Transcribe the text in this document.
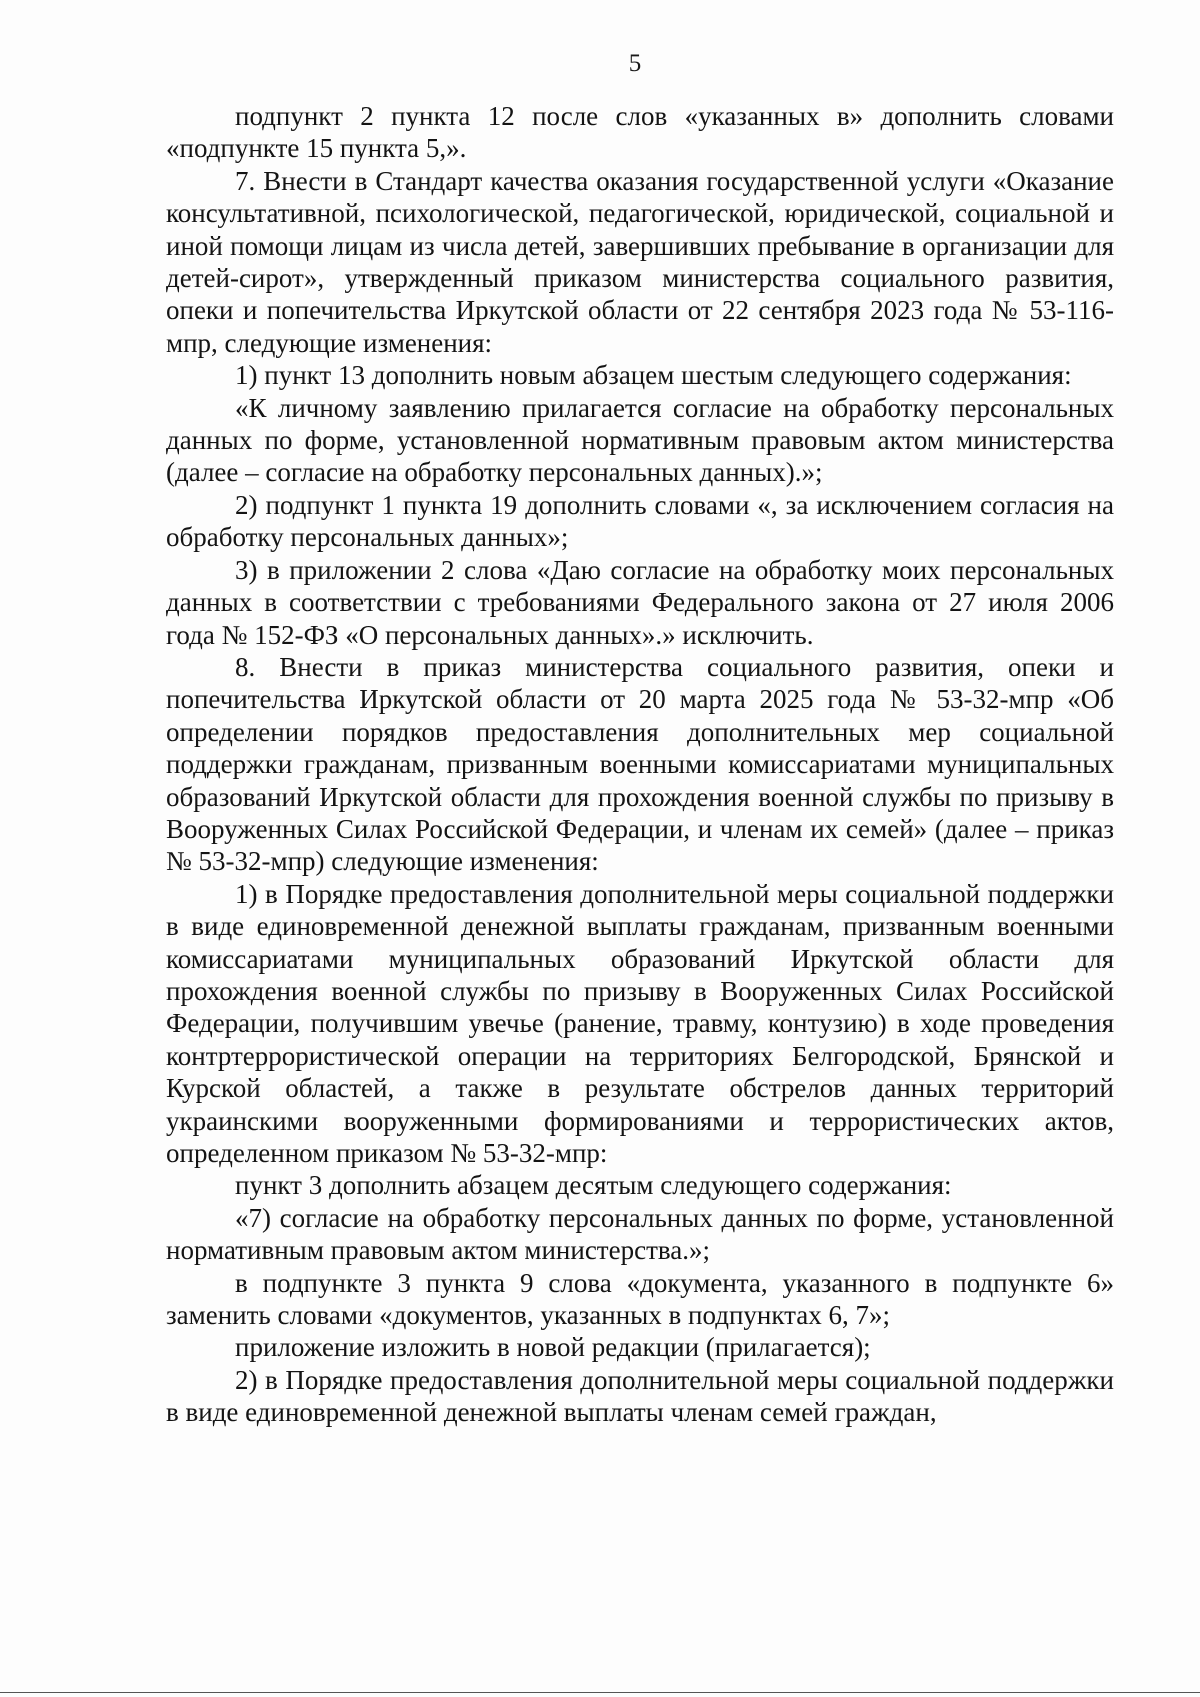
5

подпункт 2 пункта 12 после слов «указанных в» дополнить словами «подпункте 15 пункта 5,».

7. Внести в Стандарт качества оказания государственной услуги «Оказание консультативной, психологической, педагогической, юридической, социальной и иной помощи лицам из числа детей, завершивших пребывание в организации для детей-сирот», утвержденный приказом министерства социального развития, опеки и попечительства Иркутской области от 22 сентября 2023 года № 53-116-мпр, следующие изменения:

1) пункт 13 дополнить новым абзацем шестым следующего содержания:

«К личному заявлению прилагается согласие на обработку персональных данных по форме, установленной нормативным правовым актом министерства (далее – согласие на обработку персональных данных).»;

2) подпункт 1 пункта 19 дополнить словами «, за исключением согласия на обработку персональных данных»;

3) в приложении 2 слова «Даю согласие на обработку моих персональных данных в соответствии с требованиями Федерального закона от 27 июля 2006 года № 152-ФЗ «О персональных данных».» исключить.

8. Внести в приказ министерства социального развития, опеки и попечительства Иркутской области от 20 марта 2025 года № 53-32-мпр «Об определении порядков предоставления дополнительных мер социальной поддержки гражданам, призванным военными комиссариатами муниципальных образований Иркутской области для прохождения военной службы по призыву в Вооруженных Силах Российской Федерации, и членам их семей» (далее – приказ № 53-32-мпр) следующие изменения:

1) в Порядке предоставления дополнительной меры социальной поддержки в виде единовременной денежной выплаты гражданам, призванным военными комиссариатами муниципальных образований Иркутской области для прохождения военной службы по призыву в Вооруженных Силах Российской Федерации, получившим увечье (ранение, травму, контузию) в ходе проведения контртеррористической операции на территориях Белгородской, Брянской и Курской областей, а также в результате обстрелов данных территорий украинскими вооруженными формированиями и террористических актов, определенном приказом № 53-32-мпр:

пункт 3 дополнить абзацем десятым следующего содержания:

«7) согласие на обработку персональных данных по форме, установленной нормативным правовым актом министерства.»;

в подпункте 3 пункта 9 слова «документа, указанного в подпункте 6» заменить словами «документов, указанных в подпунктах 6, 7»;

приложение изложить в новой редакции (прилагается);

2) в Порядке предоставления дополнительной меры социальной поддержки в виде единовременной денежной выплаты членам семей граждан,
